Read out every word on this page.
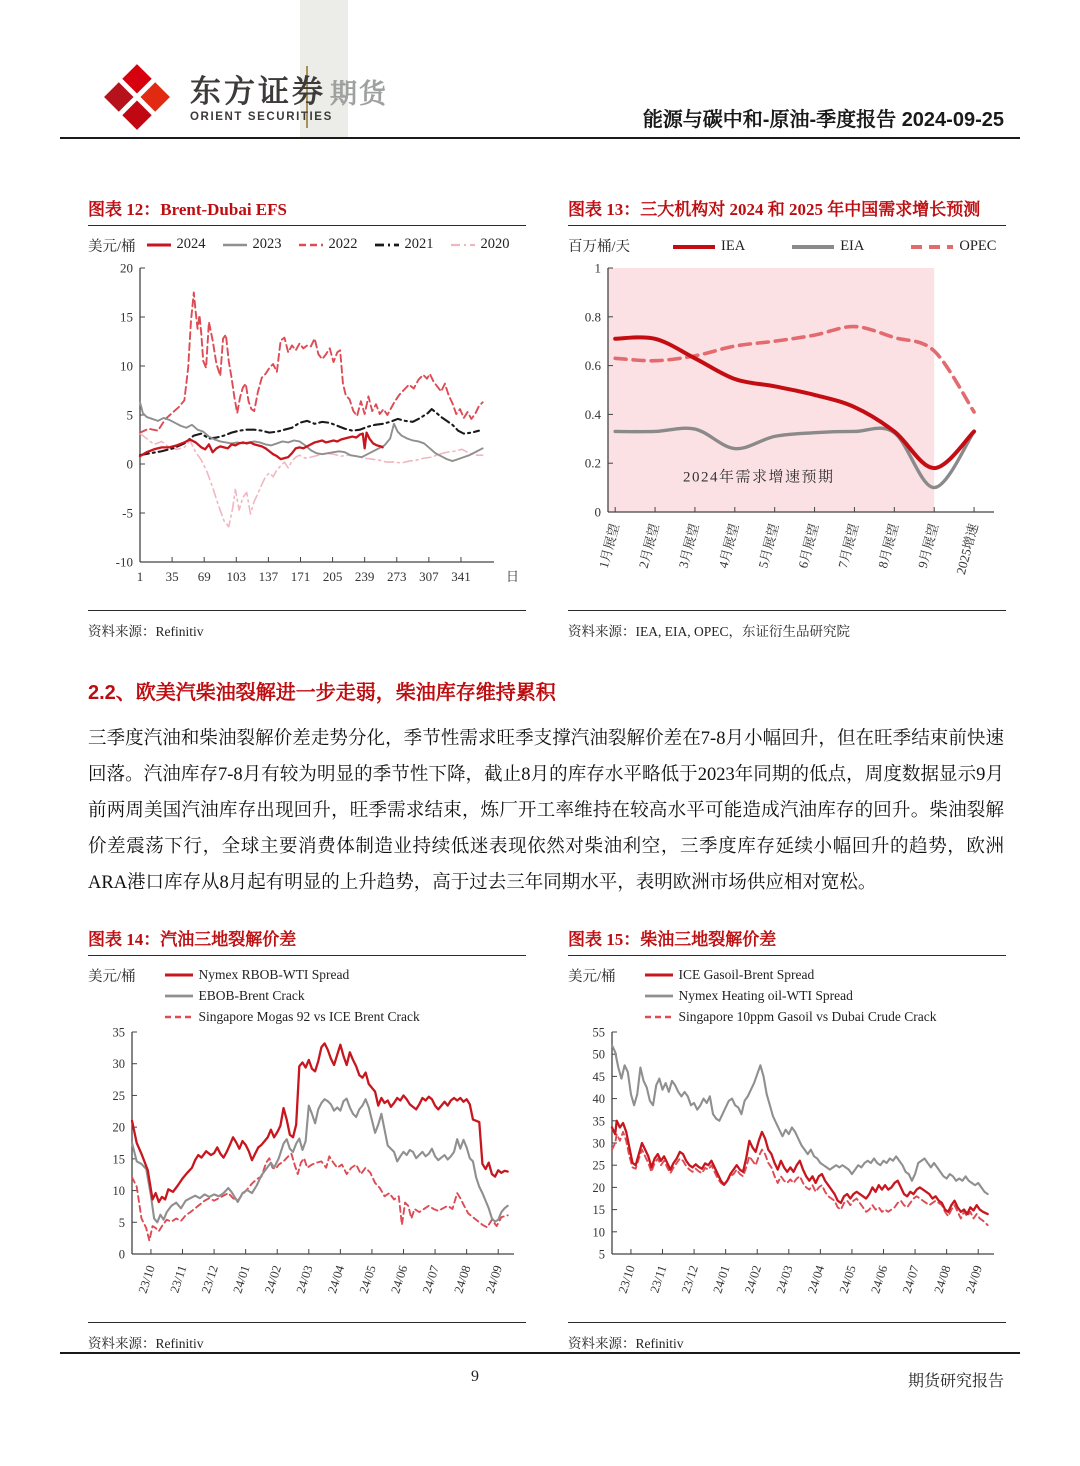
东方证券
ORIENT SECURITIES
期货
能源与碳中和-原油-季度报告 2024-09-25
图表 12：Brent-Dubai EFS
美元/桶	2024	2023	2022	2021	2020
-10
-5
0
5
10
15
20
1 35 69 103 137 171 205 239 273 307 341	日
资料来源：Refinitiv
图表 13：三大机构对 2024 和 2025 年中国需求增长预测
百万桶/天	IEA	EIA	OPEC
0
0.2
0.4
0.6
0.8
1
1月展望 2月展望 3月展望 4月展望 5月展望 6月展望 7月展望 8月展望 9月展望 2025增速
2024年需求增速预期
资料来源：IEA, EIA, OPEC，东证衍生品研究院
2.2、欧美汽柴油裂解进一步走弱，柴油库存维持累积
三季度汽油和柴油裂解价差走势分化，季节性需求旺季支撑汽油裂解价差在7-8月小幅回升，但在旺季结束前快速回落。汽油库存7-8月有较为明显的季节性下降，截止8月的库存水平略低于2023年同期的低点，周度数据显示9月前两周美国汽油库存出现回升，旺季需求结束，炼厂开工率维持在较高水平可能造成汽油库存的回升。柴油裂解价差震荡下行，全球主要消费体制造业持续低迷表现依然对柴油利空，三季度库存延续小幅回升的趋势，欧洲ARA港口库存从8月起有明显的上升趋势，高于过去三年同期水平，表明欧洲市场供应相对宽松。
图表 14：汽油三地裂解价差
美元/桶	Nymex RBOB-WTI Spread
EBOB-Brent Crack
Singapore Mogas 92 vs ICE Brent Crack
0
5
10
15
20
25
30
35
23/10 23/11 23/12 24/01 24/02 24/03 24/04 24/05 24/06 24/07 24/08 24/09
资料来源：Refinitiv
图表 15：柴油三地裂解价差
美元/桶	ICE Gasoil-Brent Spread
Nymex Heating oil-WTI Spread
Singapore 10ppm Gasoil vs Dubai Crude Crack
5
10
15
20
25
30
35
40
45
50
55
23/10 23/11 23/12 24/01 24/02 24/03 24/04 24/05 24/06 24/07 24/08 24/09
资料来源：Refinitiv
9	期货研究报告
